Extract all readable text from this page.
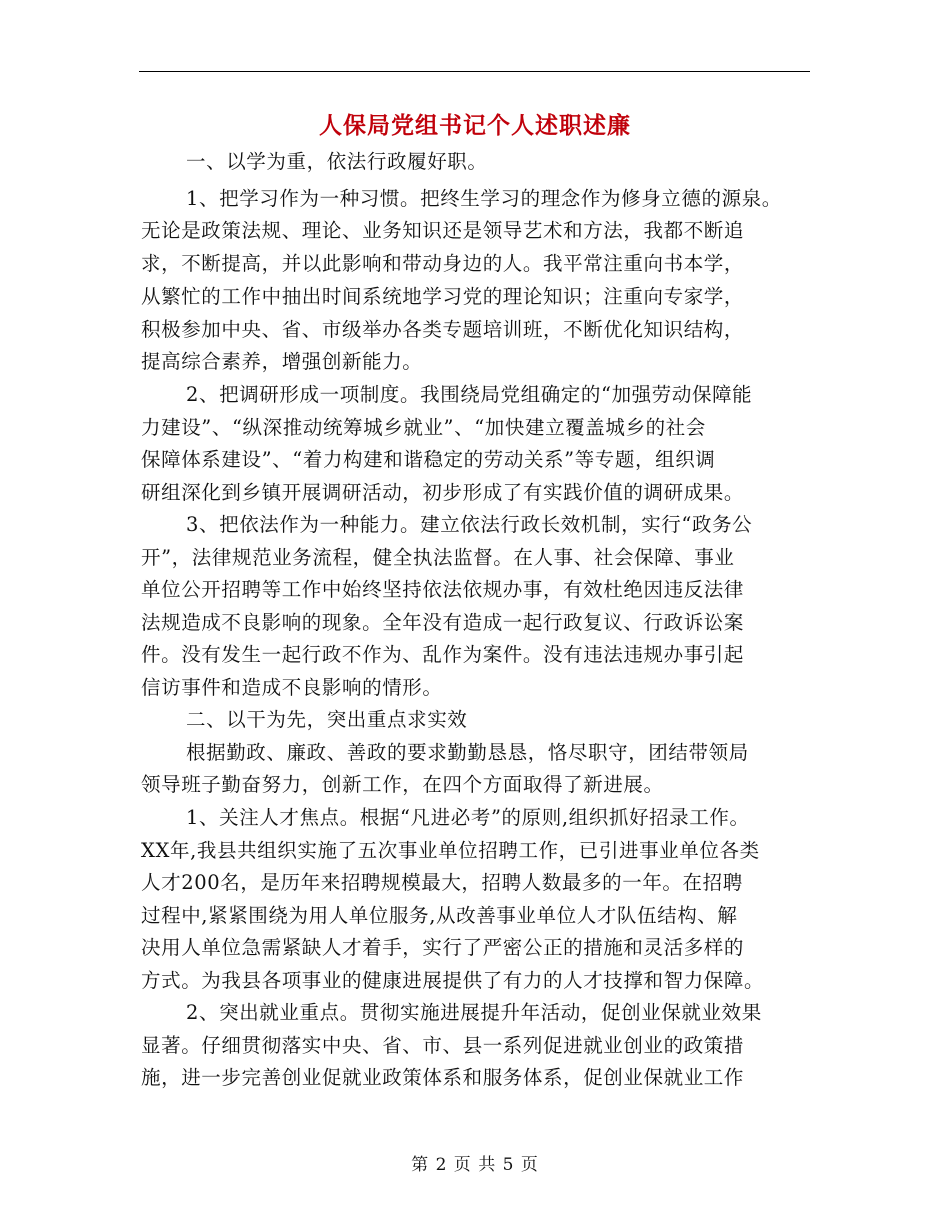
人保局党组书记个人述职述廉
一、以学为重，依法行政履好职。
1、把学习作为一种习惯。把终生学习的理念作为修身立德的源泉。
无论是政策法规、理论、业务知识还是领导艺术和方法，我都不断追
求，不断提高，并以此影响和带动身边的人。我平常注重向书本学，
从繁忙的工作中抽出时间系统地学习党的理论知识；注重向专家学，
积极参加中央、省、市级举办各类专题培训班，不断优化知识结构，
提高综合素养，增强创新能力。
2、把调研形成一项制度。我围绕局党组确定的“加强劳动保障能
力建设”、“纵深推动统筹城乡就业”、“加快建立覆盖城乡的社会
保障体系建设”、“着力构建和谐稳定的劳动关系”等专题，组织调
研组深化到乡镇开展调研活动，初步形成了有实践价值的调研成果。
3、把依法作为一种能力。建立依法行政长效机制，实行“政务公
开”，法律规范业务流程，健全执法监督。在人事、社会保障、事业
单位公开招聘等工作中始终坚持依法依规办事，有效杜绝因违反法律
法规造成不良影响的现象。全年没有造成一起行政复议、行政诉讼案
件。没有发生一起行政不作为、乱作为案件。没有违法违规办事引起
信访事件和造成不良影响的情形。
二、以干为先，突出重点求实效
根据勤政、廉政、善政的要求勤勤恳恳，恪尽职守，团结带领局
领导班子勤奋努力，创新工作，在四个方面取得了新进展。
1、关注人才焦点。根据“凡进必考”的原则,组织抓好招录工作。
XX年,我县共组织实施了五次事业单位招聘工作，已引进事业单位各类
人才200名，是历年来招聘规模最大，招聘人数最多的一年。在招聘
过程中,紧紧围绕为用人单位服务,从改善事业单位人才队伍结构、解
决用人单位急需紧缺人才着手，实行了严密公正的措施和灵活多样的
方式。为我县各项事业的健康进展提供了有力的人才技撑和智力保障。
2、突出就业重点。贯彻实施进展提升年活动，促创业保就业效果
显著。仔细贯彻落实中央、省、市、县一系列促进就业创业的政策措
施，进一步完善创业促就业政策体系和服务体系，促创业保就业工作
第 2 页 共 5 页
